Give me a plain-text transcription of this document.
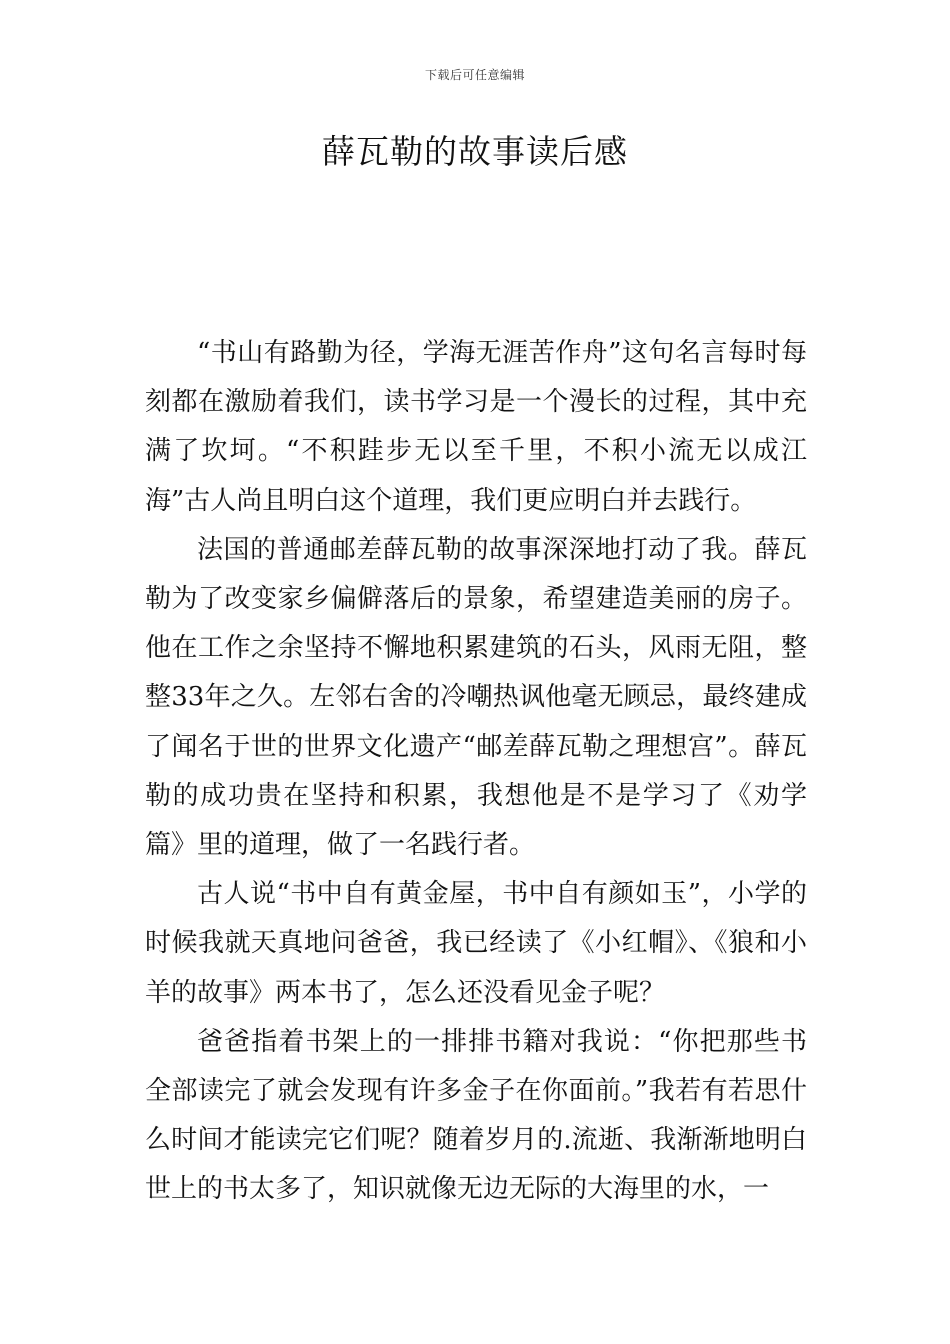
下载后可任意编辑
薛瓦勒的故事读后感

“书山有路勤为径，学海无涯苦作舟”这句名言每时每刻都在激励着我们，读书学习是一个漫长的过程，其中充满了坎坷。“不积跬步无以至千里，不积小流无以成江海”古人尚且明白这个道理，我们更应明白并去践行。

法国的普通邮差薛瓦勒的故事深深地打动了我。薛瓦勒为了改变家乡偏僻落后的景象，希望建造美丽的房子。他在工作之余坚持不懈地积累建筑的石头，风雨无阻，整整33年之久。左邻右舍的冷嘲热讽他毫无顾忌，最终建成了闻名于世的世界文化遗产“邮差薛瓦勒之理想宫”。薛瓦勒的成功贵在坚持和积累，我想他是不是学习了《劝学篇》里的道理，做了一名践行者。

古人说“书中自有黄金屋，书中自有颜如玉”，小学的时候我就天真地问爸爸，我已经读了《小红帽》、《狼和小羊的故事》两本书了，怎么还没看见金子呢？

爸爸指着书架上的一排排书籍对我说：“你把那些书全部读完了就会发现有许多金子在你面前。”我若有若思什么时间才能读完它们呢？随着岁月的.流逝、我渐渐地明白世上的书太多了，知识就像无边无际的大海里的水，一
